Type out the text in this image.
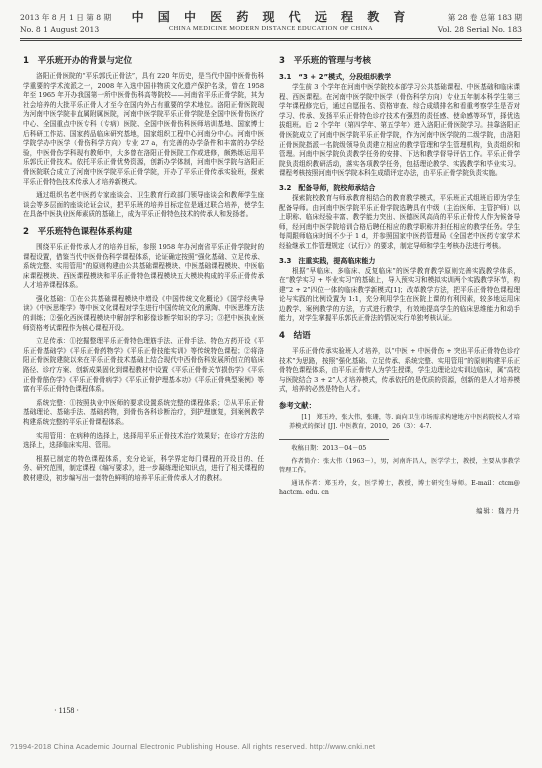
2013 年 8 月 1 日 第 8 期
No. 8 1 August 2013
中 国 中 医 药 现 代 远 程 教 育
CHINA MEDICINE MODERN DISTANCE EDUCATION OF CHINA
第 28 卷 总第 183 期
Vol. 28 Serial No. 183
1　平乐班开办的背景与定位

洛阳正骨医院的“平乐郭氏正骨法”，具有 220 年历史，是当代中国中医骨伤科学重要的学术流派之一，2008 年入选中国非物质文化遗产保护名录，曾在 1958 年至 1965 年开办我国第一所中医骨伤科高等院校——河南省平乐正骨学院，其为社会培养的大批平乐正骨人才至今在国内外占有重要的学术地位。洛阳正骨医院现为河南中医学院非直属附属医院，河南中医学院平乐正骨学院是全国中医骨伤医疗中心、全国重点中医专科（专病）医院、全国中医骨伤科医师培训基地、国家博士后科研工作站、国家药品临床研究基地，国家组织工程中心河南分中心。河南中医学院学办中医学（骨伤科学方向）专业 27 a，有完善的办学条件和丰富的办学经验，中医骨伤学科现有教师中，大多曾在洛阳正骨医院工作或进修，颇熟练运用平乐郭氏正骨技术。依托平乐正骨优势资源，创新办学体制，河南中医学院与洛阳正骨医院联合成立了河南中医学院平乐正骨学院，开办了平乐正骨传承实验班，探索平乐正骨特色技术传承人才培养新模式。

通过组织名老中医药专家座谈会、卫生教育行政部门领导座谈会和教师学生座谈会等多层面的座谈论证会议，把平乐班的培养目标定位是通过联合培养，使学生在具备中医执业医师素质的基础上，成为平乐正骨特色技术的传承人和发扬者。

2　平乐班特色课程体系构建

围绕平乐正骨传承人才的培养目标，参照 1958 年办河南省平乐正骨学院时的课程设置，借鉴当代中医骨伤科学课程体系，论证确定按照“强化基础、立足传承、系统完整、实用管用”的原则构建由公共基础课程模块、中医基础课程模块、中医临床课程模块、西医课程模块和平乐正骨特色课程模块五大模块构成的平乐正骨传承人才培养课程体系。

强化基础：①在公共基础课程模块中增设《中国传统文化概论》《国学经典导读》《中医思维学》等中医文化课程对学生进行中国传统文化的熏陶、中医思维方法的训练；②强化西医课程模块中解剖学和影像诊断学知识的学习；③把中医执业医师资格考试课程作为核心课程开设。

立足传承：①挖掘整理平乐正骨特色理筋手法、正骨手法、特色方药开设《平乐正骨基础学》《平乐正骨药物学》《平乐正骨技能实训》等传统特色课程；②将洛阳正骨医院建院以来在平乐正骨技术基础上结合现代中西骨伤科发展所创立的临床路径、诊疗方案、创新成果固化到课程教材中设置《平乐正骨骨关节损伤学》《平乐正骨骨筋伤学》《平乐正骨骨病学》《平乐正骨护理基本功》《平乐正骨典型案例》等富有平乐正骨特色课程体系。

系统完整：①按照执业中医师的要求设置系统完整的课程体系；②从平乐正骨基础理论、基础手法、基础药物，到骨伤各科诊断治疗，到护理康复，到案例教学构建系统完整的平乐正骨课程体系。

实用管用：在病种的选择上，选择用平乐正骨技术治疗效果好；在诊疗方法的选择上，选择临床实用、管用。

根据已制定的特色课程体系，充分论证，科学界定每门课程的开设目的、任务、研究范围，制定课程《编写要求》，进一步凝练理论知识点，进行了相关课程的教材建设，初步编写出一套特色鲜明的培养平乐正骨传承人才的教材。

3　平乐班的管理与考核
3.1　“3 + 2”模式，分段组织教学

学生前 3 个学年在河南中医学院校本部学习公共基础课程、中医基础和临床课程、西医课程。在河南中医学院中医学（骨伤科学方向）专业五年制本科学生第三学年课程修完后，通过自愿报名、资格审查、综合成绩排名和看重考察学生是否对学习、传承、发扬平乐正骨特色诊疗技术有强烈的责任感、使命感等环节，择优选拔组班。后 2 个学年（第四学年、第五学年）进入洛阳正骨医院学习。挂靠洛阳正骨医院成立了河南中医学院平乐正骨学院，作为河南中医学院的二级学院，由洛阳正骨医院指派一名院级领导负责建立相应的教学管理和学生管理机构，负责组织和管理。河南中医学院负责教学任务的安排、下达和教学督导评估工作。平乐正骨学院负责组织教研活动，落实各项教学任务，包括理论教学、实践教学和毕业实习。课程考核按照河南中医学院本科生成绩评定办法，由平乐正骨学院负责实施。

3.2　配备导师，院校师承结合

探索院校教育与师承教育相结合的教育教学模式，平乐班正式组班后即为学生配备导师。由河南中医学院平乐正骨学院选聘具有中级（主治医师、主管护师）以上职称、临床经验丰富、教学能力突出、医德医风高尚的平乐正骨传人作为候备导师，经河南中医学院培训合格后聘任相应的教学职称并担任相应的教学任务。学生每周跟师临床时间不少于 1 d，并参照国家中医药管理局《全国老中医药专家学术经验继承工作管理规定（试行）》的要求，制定导师和学生考核办法进行考核。

3.3　注重实践，提高临床能力

根据“早临床、多临床、反复临床”的医学教育教学原则完善实践教学体系，在“教学实习 + 毕业实习”的基础上，导入预实习和模拟实训两个实践教学环节，构建“2 + 2”四位一体的临床教学新模式[1]；改革教学方法，把平乐正骨特色课程理论与实践的比例设置为 1:1，充分利用学生在医院上课的有利因素，较多地运用床边教学、案例教学的方法，方式进行教学，有效地提高学生的临床思维能力和动手能力，对学生掌握平乐郭氏正骨法的情况实行单独考核认证。

4　结语

平乐正骨传承实验班人才培养，以“中医 + 中医骨伤 + 突出平乐正骨特色诊疗技术”为思路，按照“强化基础、立足传承、系统完整、实用管用”的原则构建平乐正骨特色课程体系，由平乐正骨传人为学生授课，学生边理论边实训边临床，属“高校与医院结合 3 + 2”人才培养模式，传承依托的是优质的资源，创新的是人才培养模式，培养的必然是特色人才。

参考文献：

[1]　郑玉玲，张大伟，张珊，等. 面向卫生市场需求构建地方中医药院校人才培养模式的探讨 [J]. 中医教育，2010，26（3）：4-7.

收稿日期：2013－04－05

作者简介：张大伟（1963－），男，河南许昌人，医学学士，教授，主要从事教学管理工作。

通讯作者：郑玉玲，女，医学博士，教授，博士研究生导师。E-mail：ctcm@ hactcm. edu. cn

编辑：魏丹丹
· 1158 ·
?1994-2018 China Academic Journal Electronic Publishing House. All rights reserved. http://www.cnki.net
